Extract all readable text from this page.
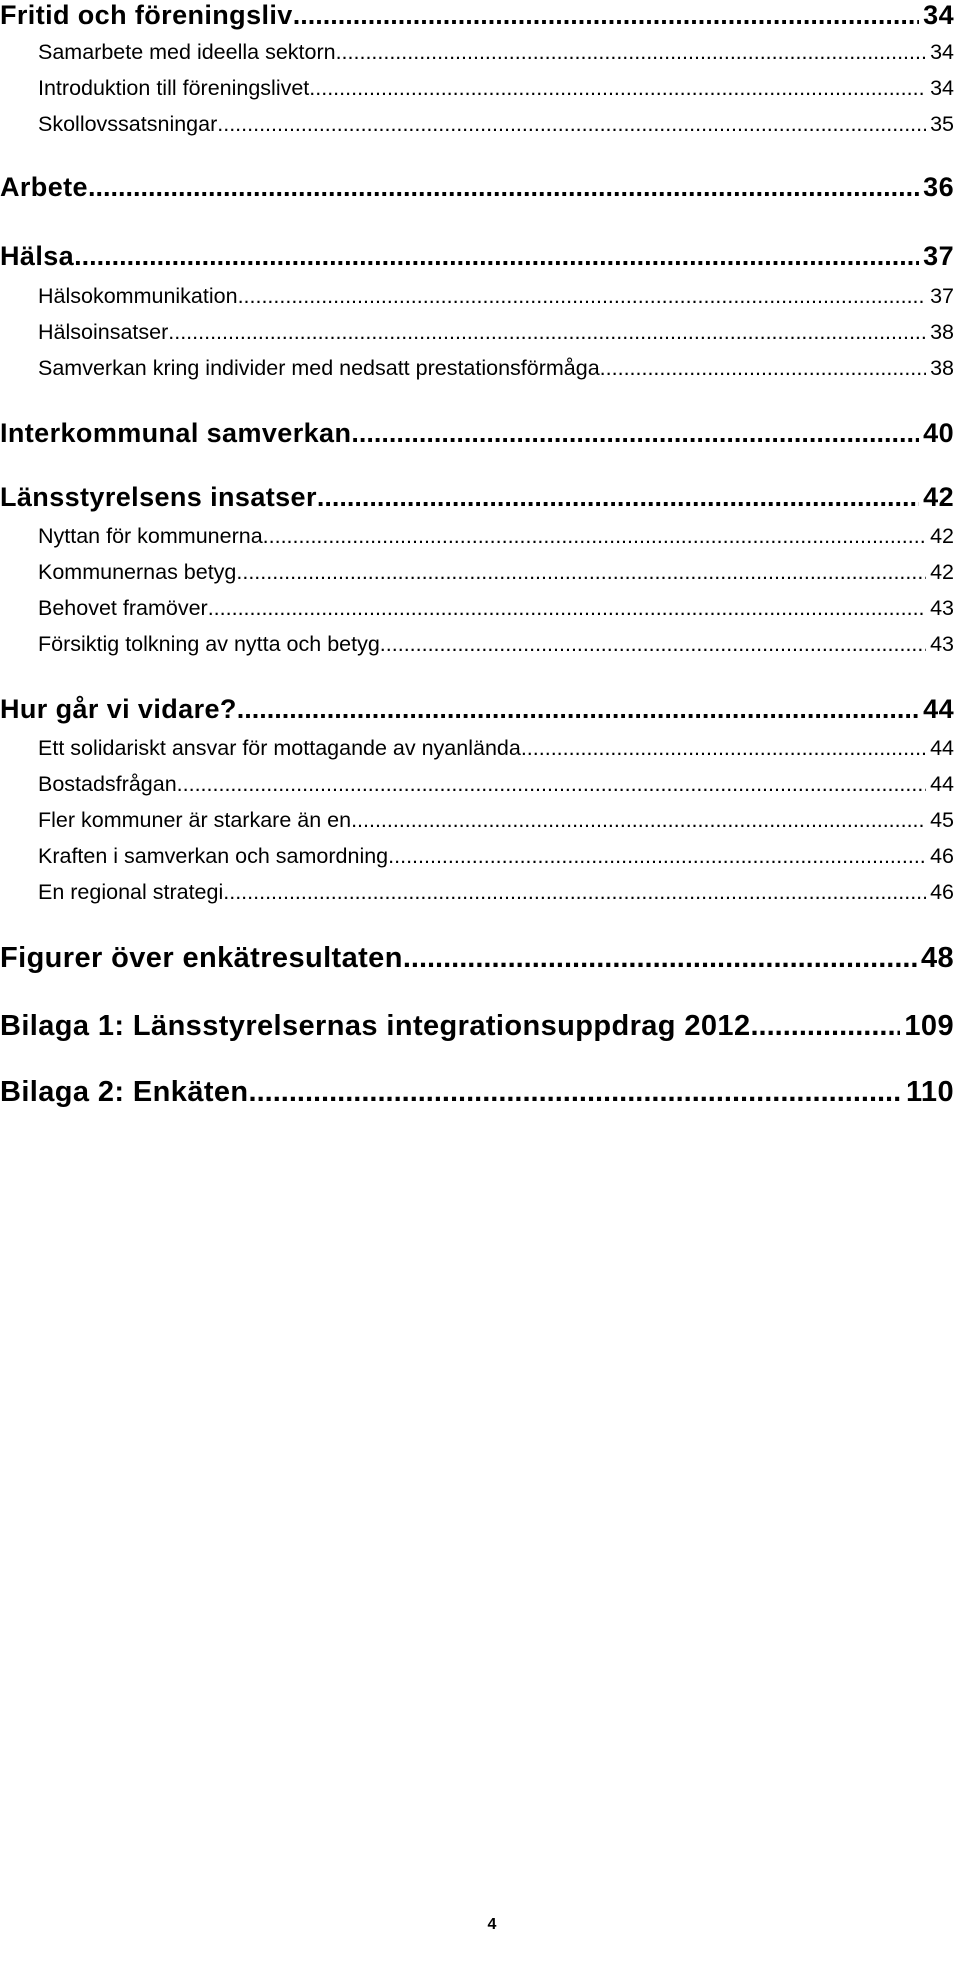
Fritid och föreningsliv .....	34
Samarbete med ideella sektorn .....	34
Introduktion till föreningslivet. .....	34
Skollovssatsningar .....	35
Arbete .....	36
Hälsa .....	37
Hälsokommunikation .....	37
Hälsoinsatser .....	38
Samverkan kring individer med nedsatt prestationsförmåga .....	38
Interkommunal samverkan .....	40
Länsstyrelsens insatser .....	42
Nyttan för kommunerna .....	42
Kommunernas betyg .....	42
Behovet framöver .....	43
Försiktig tolkning av nytta och betyg .....	43
Hur går vi vidare? .....	44
Ett solidariskt ansvar för mottagande av nyanlända .....	44
Bostadsfrågan .....	44
Fler kommuner är starkare än en .....	45
Kraften i samverkan och samordning .....	46
En regional strategi .....	46
Figurer över enkätresultaten .....	48
Bilaga 1: Länsstyrelsernas integrationsuppdrag 2012 .....	109
Bilaga 2: Enkäten .....	110
4
